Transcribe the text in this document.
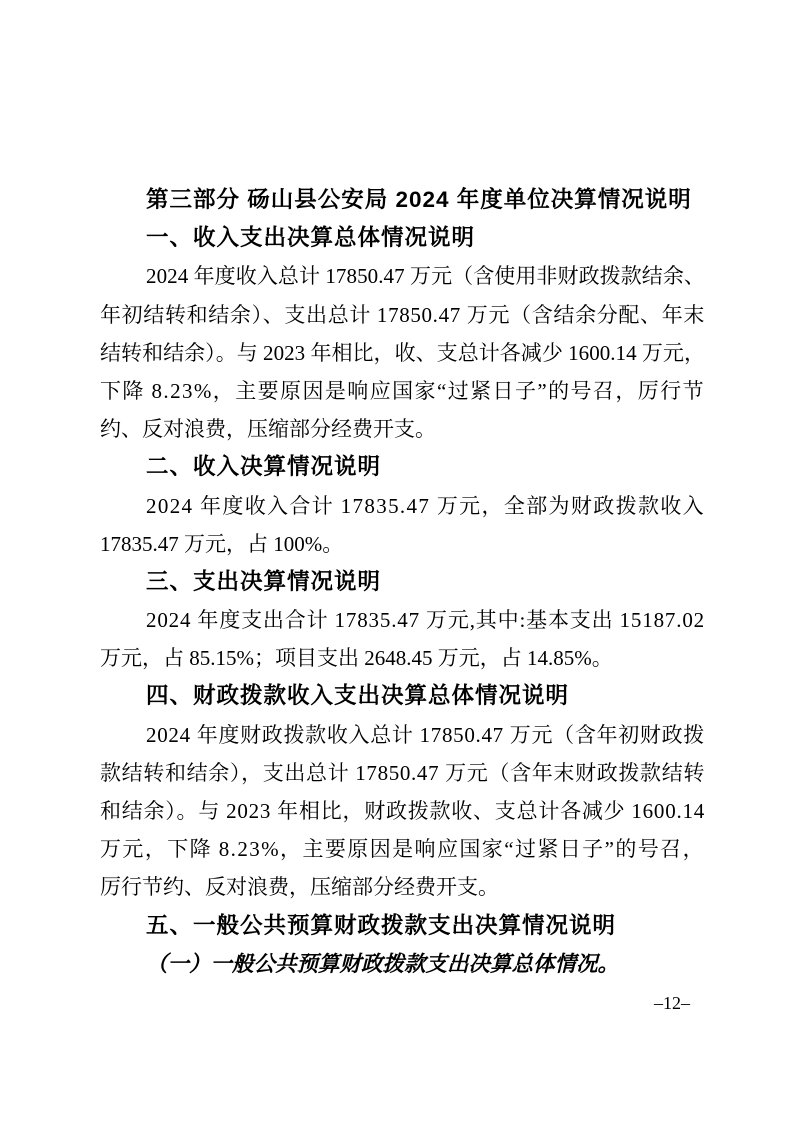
第三部分 砀山县公安局 2024 年度单位决算情况说明
一、收入支出决算总体情况说明
2024 年度收入总计 17850.47 万元（含使用非财政拨款结余、
年初结转和结余）、支出总计 17850.47 万元（含结余分配、年末
结转和结余）。与 2023 年相比，收、支总计各减少 1600.14 万元，
下降 8.23%，主要原因是响应国家“过紧日子”的号召，厉行节
约、反对浪费，压缩部分经费开支。
二、收入决算情况说明
2024 年度收入合计 17835.47 万元，全部为财政拨款收入
17835.47 万元，占 100%。
三、支出决算情况说明
2024 年度支出合计 17835.47 万元,其中:基本支出 15187.02
万元，占 85.15%；项目支出 2648.45 万元，占 14.85%。
四、财政拨款收入支出决算总体情况说明
2024 年度财政拨款收入总计 17850.47 万元（含年初财政拨
款结转和结余），支出总计 17850.47 万元（含年末财政拨款结转
和结余）。与 2023 年相比，财政拨款收、支总计各减少 1600.14
万元，下降 8.23%，主要原因是响应国家“过紧日子”的号召，
厉行节约、反对浪费，压缩部分经费开支。
五、一般公共预算财政拨款支出决算情况说明
（一）一般公共预算财政拨款支出决算总体情况。
–12–
